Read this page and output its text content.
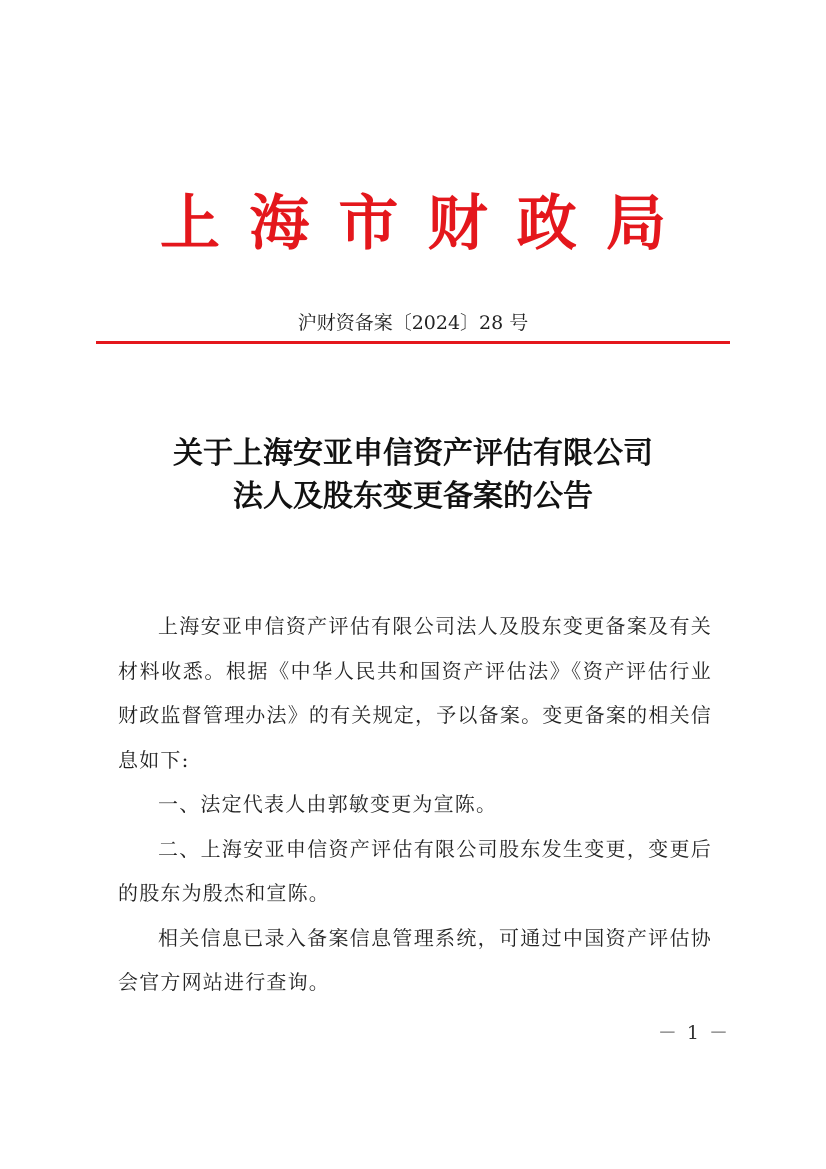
上 海 市 财 政 局
沪财资备案〔2024〕28 号
关于上海安亚申信资产评估有限公司
法人及股东变更备案的公告

上海安亚申信资产评估有限公司法人及股东变更备案及有关材料收悉。根据《中华人民共和国资产评估法》《资产评估行业财政监督管理办法》的有关规定，予以备案。变更备案的相关信息如下:

一、法定代表人由郭敏变更为宣陈。

二、上海安亚申信资产评估有限公司股东发生变更，变更后的股东为殷杰和宣陈。

相关信息已录入备案信息管理系统，可通过中国资产评估协会官方网站进行查询。

－ 1 －
